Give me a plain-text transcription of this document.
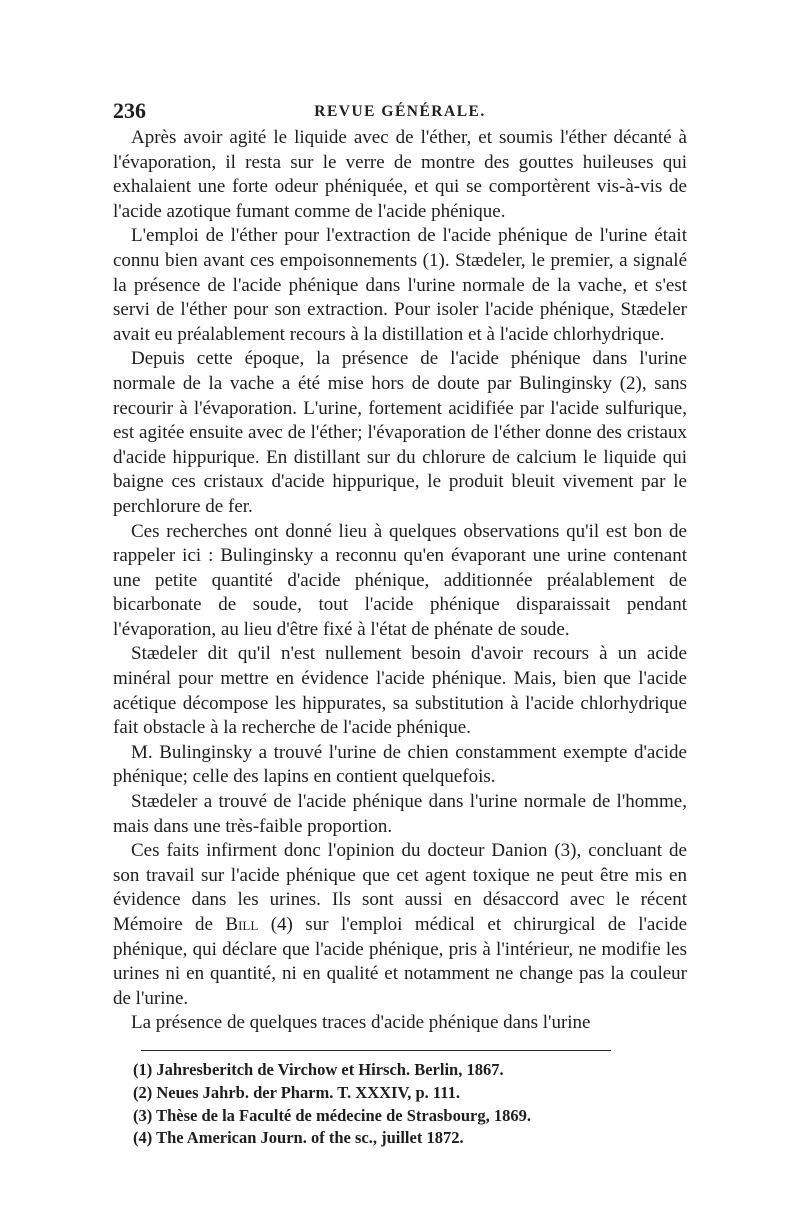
236	REVUE GÉNÉRALE.

Après avoir agité le liquide avec de l'éther, et soumis l'éther décanté à l'évaporation, il resta sur le verre de montre des gouttes huileuses qui exhalaient une forte odeur phéniquée, et qui se comportèrent vis-à-vis de l'acide azotique fumant comme de l'acide phénique.

L'emploi de l'éther pour l'extraction de l'acide phénique de l'urine était connu bien avant ces empoisonnements (1). Stædeler, le premier, a signalé la présence de l'acide phénique dans l'urine normale de la vache, et s'est servi de l'éther pour son extraction. Pour isoler l'acide phénique, Stædeler avait eu préalablement recours à la distillation et à l'acide chlorhydrique.

Depuis cette époque, la présence de l'acide phénique dans l'urine normale de la vache a été mise hors de doute par Bulinginsky (2), sans recourir à l'évaporation. L'urine, fortement acidifiée par l'acide sulfurique, est agitée ensuite avec de l'éther; l'évaporation de l'éther donne des cristaux d'acide hippurique. En distillant sur du chlorure de calcium le liquide qui baigne ces cristaux d'acide hippurique, le produit bleuit vivement par le perchlorure de fer.

Ces recherches ont donné lieu à quelques observations qu'il est bon de rappeler ici : Bulinginsky a reconnu qu'en évaporant une urine contenant une petite quantité d'acide phénique, additionnée préalablement de bicarbonate de soude, tout l'acide phénique disparaissait pendant l'évaporation, au lieu d'être fixé à l'état de phénate de soude.

Stædeler dit qu'il n'est nullement besoin d'avoir recours à un acide minéral pour mettre en évidence l'acide phénique. Mais, bien que l'acide acétique décompose les hippurates, sa substitution à l'acide chlorhydrique fait obstacle à la recherche de l'acide phénique.

M. Bulinginsky a trouvé l'urine de chien constamment exempte d'acide phénique; celle des lapins en contient quelquefois.

Stædeler a trouvé de l'acide phénique dans l'urine normale de l'homme, mais dans une très-faible proportion.

Ces faits infirment donc l'opinion du docteur Danion (3), concluant de son travail sur l'acide phénique que cet agent toxique ne peut être mis en évidence dans les urines. Ils sont aussi en désaccord avec le récent Mémoire de Bill (4) sur l'emploi médical et chirurgical de l'acide phénique, qui déclare que l'acide phénique, pris à l'intérieur, ne modifie les urines ni en quantité, ni en qualité et notamment ne change pas la couleur de l'urine.

La présence de quelques traces d'acide phénique dans l'urine

(1) Jahresberitch de Virchow et Hirsch. Berlin, 1867.
(2) Neues Jahrb. der Pharm. T. XXXIV, p. 111.
(3) Thèse de la Faculté de médecine de Strasbourg, 1869.
(4) The American Journ. of the sc., juillet 1872.
